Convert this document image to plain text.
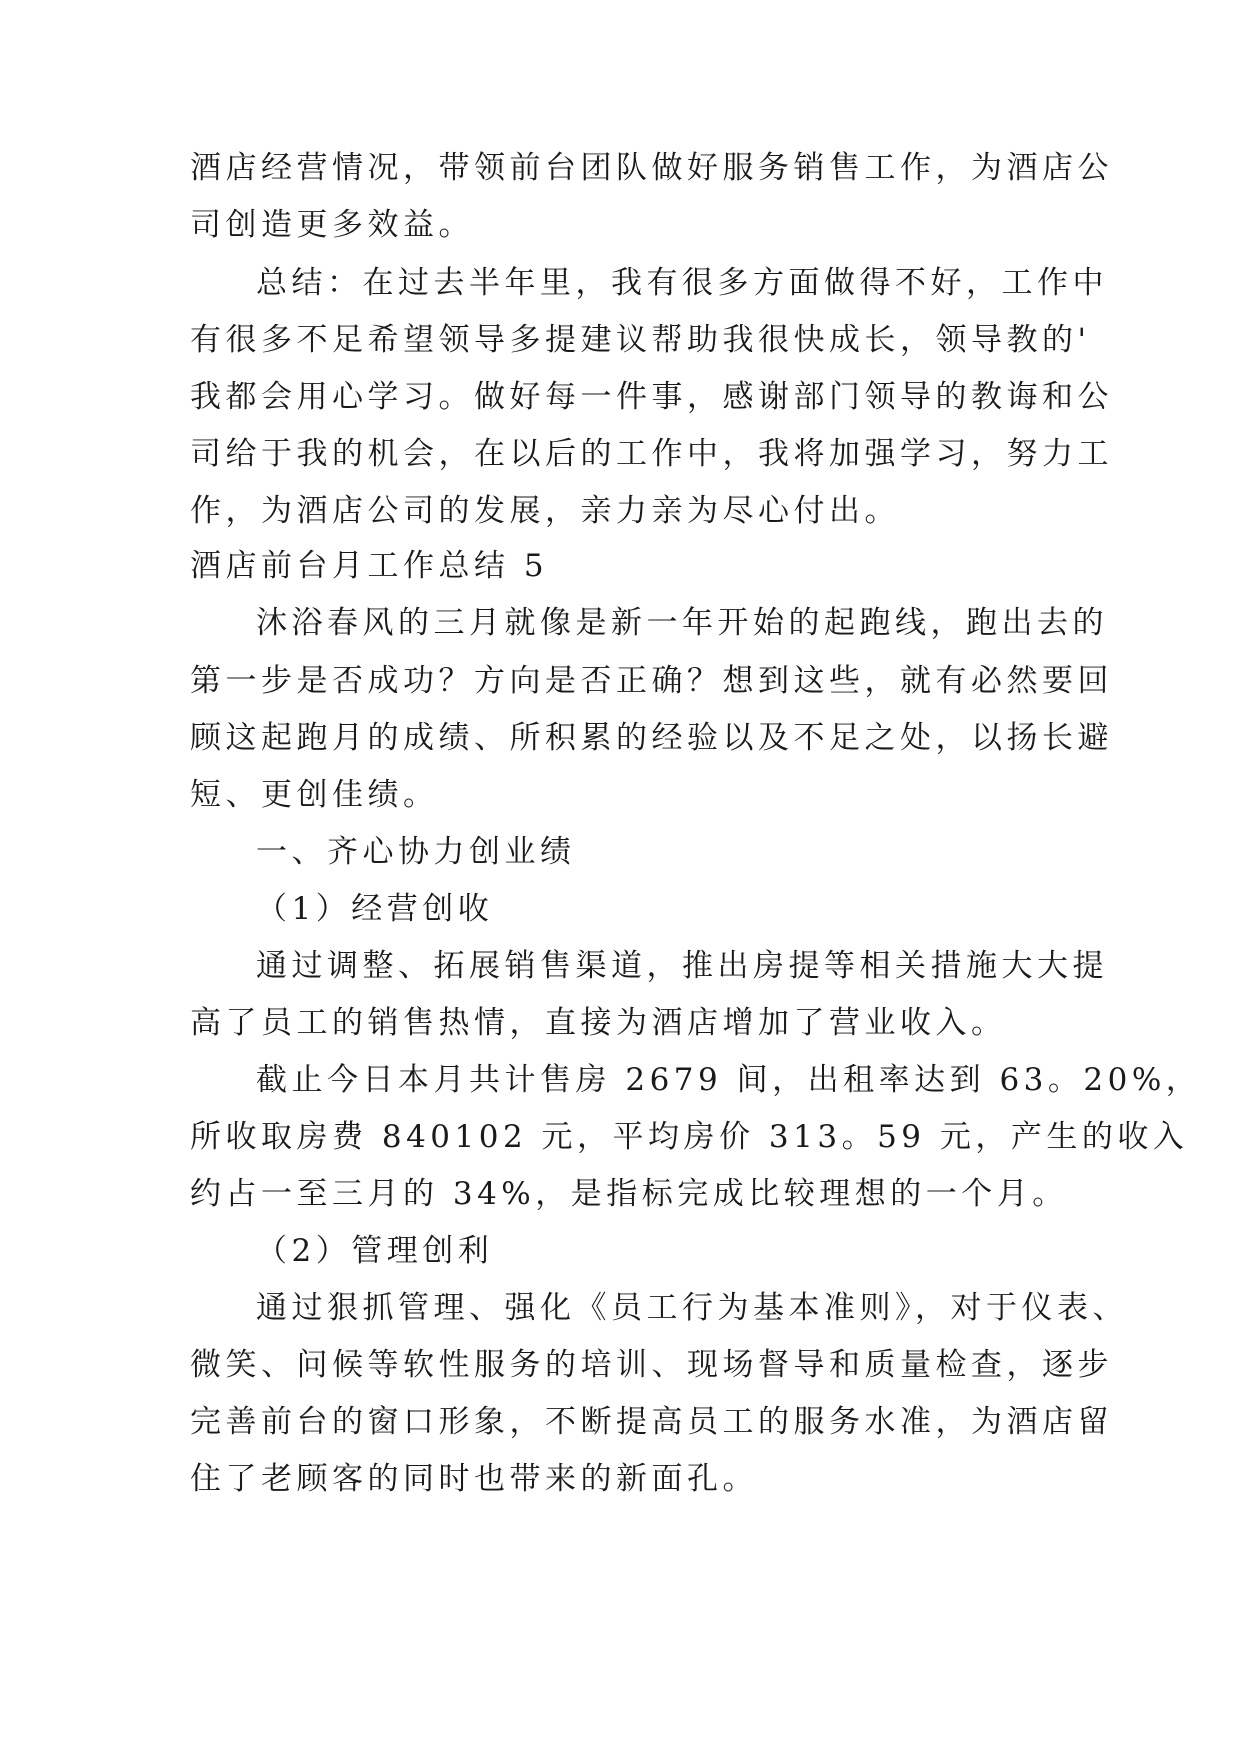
酒店经营情况，带领前台团队做好服务销售工作，为酒店公
司创造更多效益。
总结：在过去半年里，我有很多方面做得不好，工作中
有很多不足希望领导多提建议帮助我很快成长，领导教的'
我都会用心学习。做好每一件事，感谢部门领导的教诲和公
司给于我的机会，在以后的工作中，我将加强学习，努力工
作，为酒店公司的发展，亲力亲为尽心付出。
酒店前台月工作总结 5
沐浴春风的三月就像是新一年开始的起跑线，跑出去的
第一步是否成功？方向是否正确？想到这些，就有必然要回
顾这起跑月的成绩、所积累的经验以及不足之处，以扬长避
短、更创佳绩。
一、齐心协力创业绩
（1）经营创收
通过调整、拓展销售渠道，推出房提等相关措施大大提
高了员工的销售热情，直接为酒店增加了营业收入。
截止今日本月共计售房 2679 间，出租率达到 63。20%，
所收取房费 840102 元，平均房价 313。59 元，产生的收入
约占一至三月的 34%，是指标完成比较理想的一个月。
（2）管理创利
通过狠抓管理、强化《员工行为基本准则》，对于仪表、
微笑、问候等软性服务的培训、现场督导和质量检查，逐步
完善前台的窗口形象，不断提高员工的服务水准，为酒店留
住了老顾客的同时也带来的新面孔。
